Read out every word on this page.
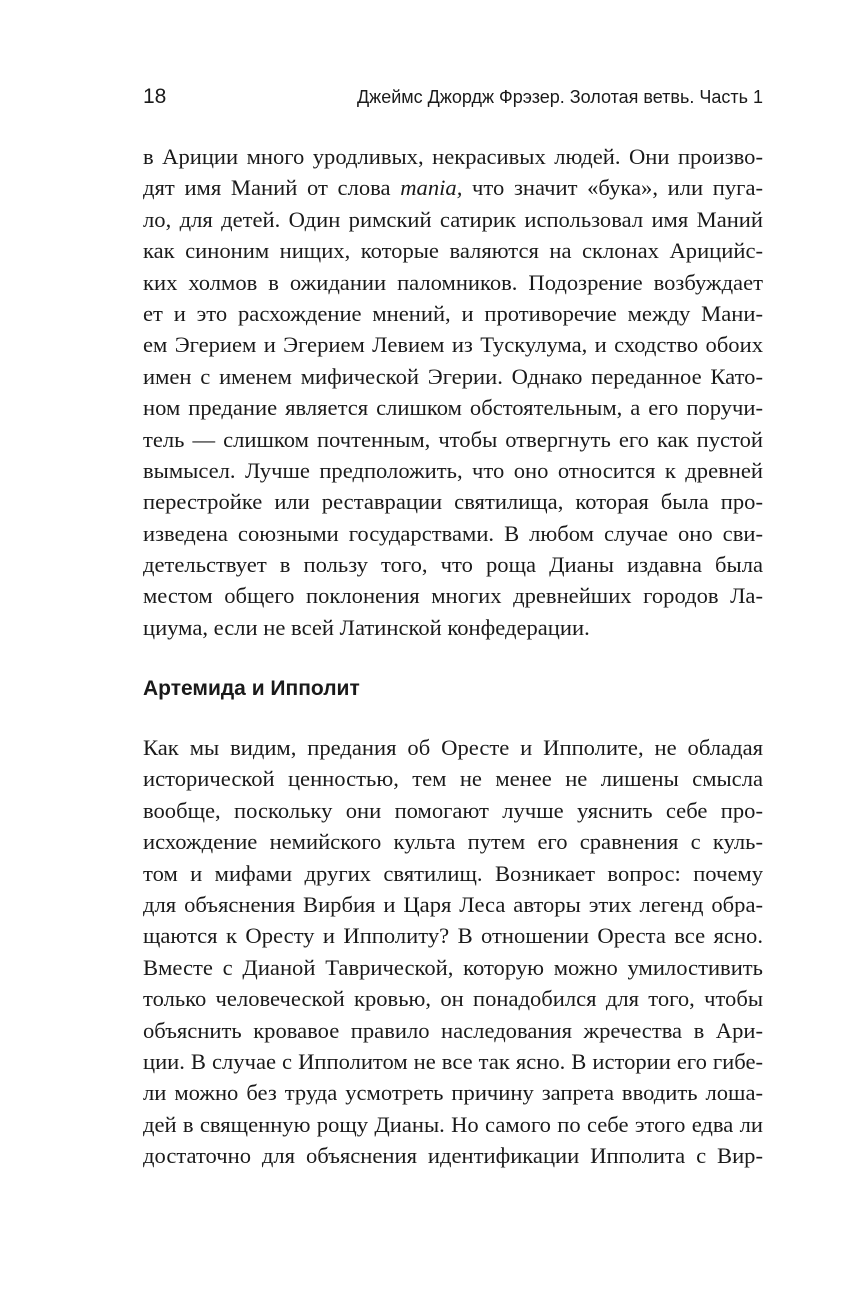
18	Джеймс Джордж Фрэзер. Золотая ветвь. Часть 1
в Ариции много уродливых, некрасивых людей. Они произво-
дят имя Маний от слова mania, что значит «бука», или пуга-
ло, для детей. Один римский сатирик использовал имя Маний
как синоним нищих, которые валяются на склонах Арицийс-
ких холмов в ожидании паломников. Подозрение возбуждает
ет и это расхождение мнений, и противоречие между Мани-
ем Эгерием и Эгерием Левием из Тускулума, и сходство обоих
имен с именем мифической Эгерии. Однако переданное Като-
ном предание является слишком обстоятельным, а его поручи-
тель — слишком почтенным, чтобы отвергнуть его как пустой
вымысел. Лучше предположить, что оно относится к древней
перестройке или реставрации святилища, которая была про-
изведена союзными государствами. В любом случае оно сви-
детельствует в пользу того, что роща Дианы издавна была
местом общего поклонения многих древнейших городов Ла-
циума, если не всей Латинской конфедерации.
Артемида и Ипполит
Как мы видим, предания об Оресте и Ипполите, не обладая
исторической ценностью, тем не менее не лишены смысла
вообще, поскольку они помогают лучше уяснить себе про-
исхождение немийского культа путем его сравнения с куль-
том и мифами других святилищ. Возникает вопрос: почему
для объяснения Вирбия и Царя Леса авторы этих легенд обра-
щаются к Оресту и Ипполиту? В отношении Ореста все ясно.
Вместе с Дианой Таврической, которую можно умилостивить
только человеческой кровью, он понадобился для того, чтобы
объяснить кровавое правило наследования жречества в Ари-
ции. В случае с Ипполитом не все так ясно. В истории его гибе-
ли можно без труда усмотреть причину запрета вводить лоша-
дей в священную рощу Дианы. Но самого по себе этого едва ли
достаточно для объяснения идентификации Ипполита с Вир-
